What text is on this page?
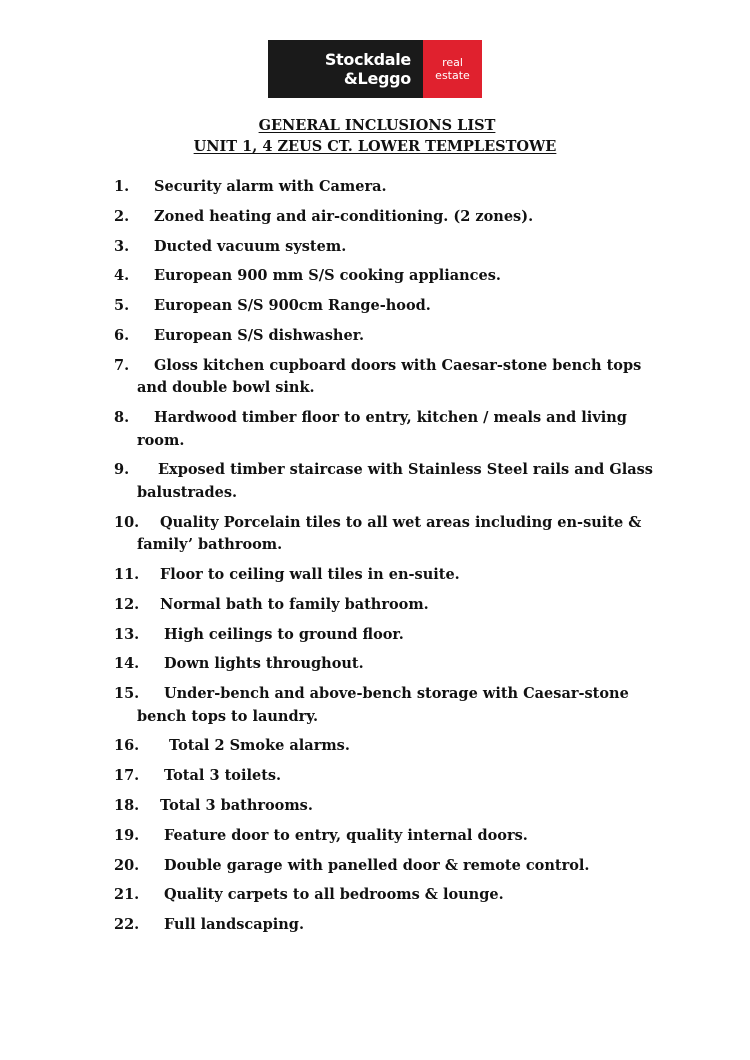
Stockdale
&Leggo
real
estate
GENERAL INCLUSIONS LIST
UNIT 1, 4 ZEUS CT. LOWER TEMPLESTOWE
1. Security alarm with Camera.
2. Zoned heating and air-conditioning. (2 zones).
3. Ducted vacuum system.
4. European 900 mm S/S cooking appliances.
5. European S/S 900cm Range-hood.
6. European S/S dishwasher.
7. Gloss kitchen cupboard doors with Caesar-stone bench tops
and double bowl sink.
8. Hardwood timber floor to entry, kitchen / meals and living
room.
9. Exposed timber staircase with Stainless Steel rails and Glass
balustrades.
10. Quality Porcelain tiles to all wet areas including en-suite &
family’ bathroom.
11. Floor to ceiling wall tiles in en-suite.
12. Normal bath to family bathroom.
13. High ceilings to ground floor.
14. Down lights throughout.
15. Under-bench and above-bench storage with Caesar-stone
bench tops to laundry.
16. Total 2 Smoke alarms.
17. Total 3 toilets.
18. Total 3 bathrooms.
19. Feature door to entry, quality internal doors.
20. Double garage with panelled door & remote control.
21. Quality carpets to all bedrooms & lounge.
22. Full landscaping.
